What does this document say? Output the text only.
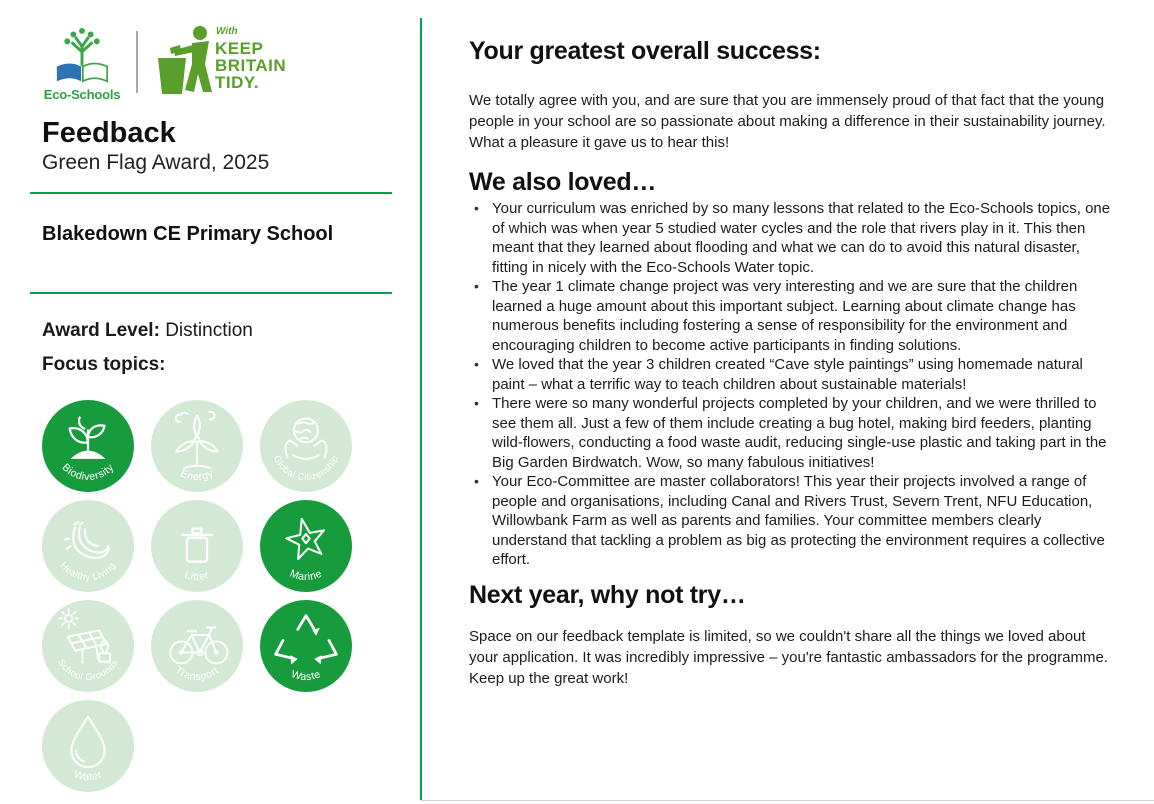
Eco-Schools
With
KEEP
BRITAIN
TIDY.
Feedback
Green Flag Award, 2025
Blakedown CE Primary School
Award Level: Distinction
Focus topics:
Biodiversity	Energy
Global Citizenship
Healthy Living
Litter	Marine
School Grounds
Transport	Waste
Water
Your greatest overall success:

We totally agree with you, and are sure that you are immensely proud of that fact that the young people in your school are so passionate about making a difference in their sustainability journey. What a pleasure it gave us to hear this!

We also loved…
• Your curriculum was enriched by so many lessons that related to the Eco-Schools topics, one of which was when year 5 studied water cycles and the role that rivers play in it. This then meant that they learned about flooding and what we can do to avoid this natural disaster, fitting in nicely with the Eco-Schools Water topic.
• The year 1 climate change project was very interesting and we are sure that the children learned a huge amount about this important subject. Learning about climate change has numerous benefits including fostering a sense of responsibility for the environment and encouraging children to become active participants in finding solutions.
• We loved that the year 3 children created “Cave style paintings” using homemade natural paint – what a terrific way to teach children about sustainable materials!
• There were so many wonderful projects completed by your children, and we were thrilled to see them all. Just a few of them include creating a bug hotel, making bird feeders, planting wild-flowers, conducting a food waste audit, reducing single-use plastic and taking part in the Big Garden Birdwatch. Wow, so many fabulous initiatives!
• Your Eco-Committee are master collaborators! This year their projects involved a range of people and organisations, including Canal and Rivers Trust, Severn Trent, NFU Education, Willowbank Farm as well as parents and families. Your committee members clearly understand that tackling a problem as big as protecting the environment requires a collective effort.
Next year, why not try…

Space on our feedback template is limited, so we couldn't share all the things we loved about your application. It was incredibly impressive – you're fantastic ambassadors for the programme. Keep up the great work!
